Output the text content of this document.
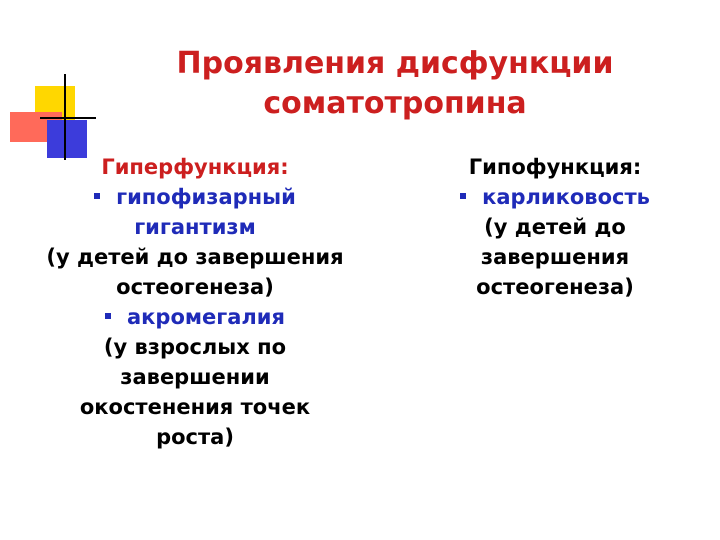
Проявления дисфункции
соматотропина
Гиперфункция:
гипофизарный
гигантизм
(у детей до завершения
остеогенеза)
акромегалия
(у взрослых по
завершении
окостенения точек
роста)
Гипофункция:
карликовость
(у детей до
завершения
остеогенеза)
